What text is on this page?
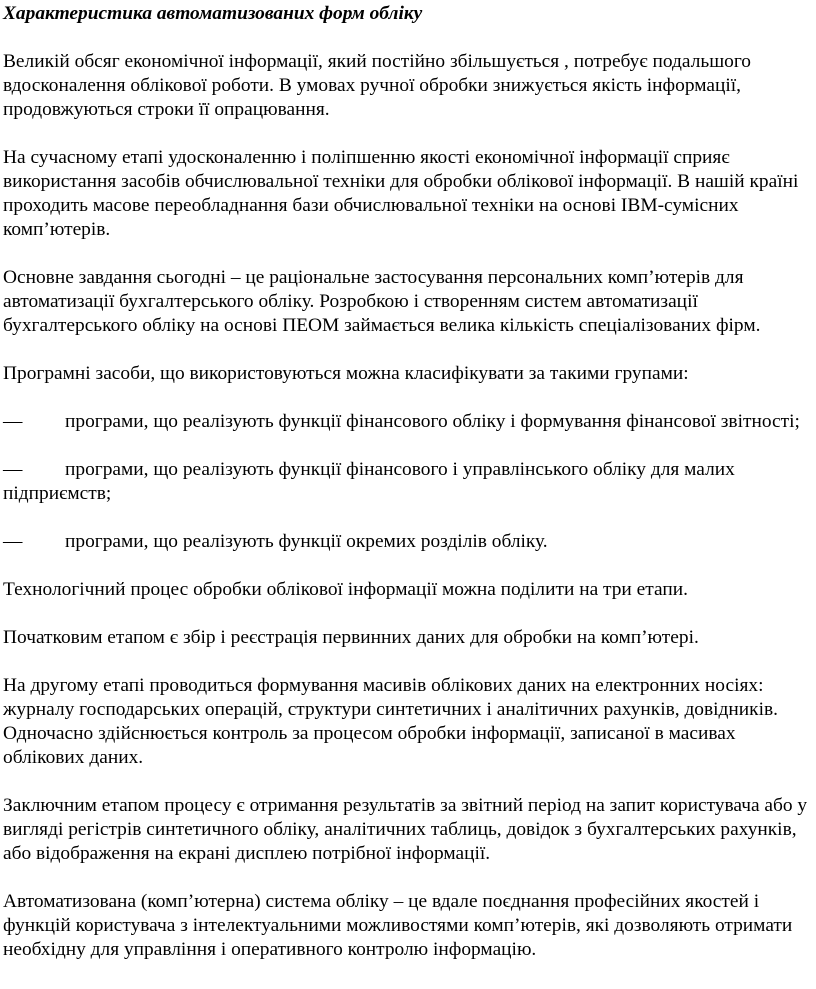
Характеристика автоматизованих форм обліку

Великій обсяг економічної інформації, який постійно збільшується , потребує подальшого вдосконалення облікової роботи. В умовах ручної обробки знижується якість інформації, продовжуються строки її опрацювання.

На сучасному етапі удосконаленню і поліпшенню якості економічної інформації сприяє використання засобів обчислювальної техніки для обробки облікової інформації. В нашій країні проходить масове переобладнання бази обчислювальної техніки на основі IBM-сумісних комп’ютерів.

Основне завдання сьогодні – це раціональне застосування персональних комп’ютерів для автоматизації бухгалтерського обліку. Розробкою і створенням систем автоматизації бухгалтерського обліку на основі ПЕОМ займається велика кількість спеціалізованих фірм.

Програмні засоби, що використовуються можна класифікувати за такими групами:

— програми, що реалізують функції фінансового обліку і формування фінансової звітності;
— програми, що реалізують функції фінансового і управлінського обліку для малих підприємств;
— програми, що реалізують функції окремих розділів обліку.

Технологічний процес обробки облікової інформації можна поділити на три етапи.

Початковим етапом є збір і реєстрація первинних даних для обробки на комп’ютері.

На другому етапі проводиться формування масивів облікових даних на електронних носіях: журналу господарських операцій, структури синтетичних і аналітичних рахунків, довідників. Одночасно здійснюється контроль за процесом обробки інформації, записаної в масивах облікових даних.

Заключним етапом процесу є отримання результатів за звітний період на запит користувача або у вигляді регістрів синтетичного обліку, аналітичних таблиць, довідок з бухгалтерських рахунків, або відображення на екрані дисплею потрібної інформації.

Автоматизована (комп’ютерна) система обліку – це вдале поєднання професійних якостей і функцій користувача з інтелектуальними можливостями комп’ютерів, які дозволяють отримати необхідну для управління і оперативного контролю інформацію.
